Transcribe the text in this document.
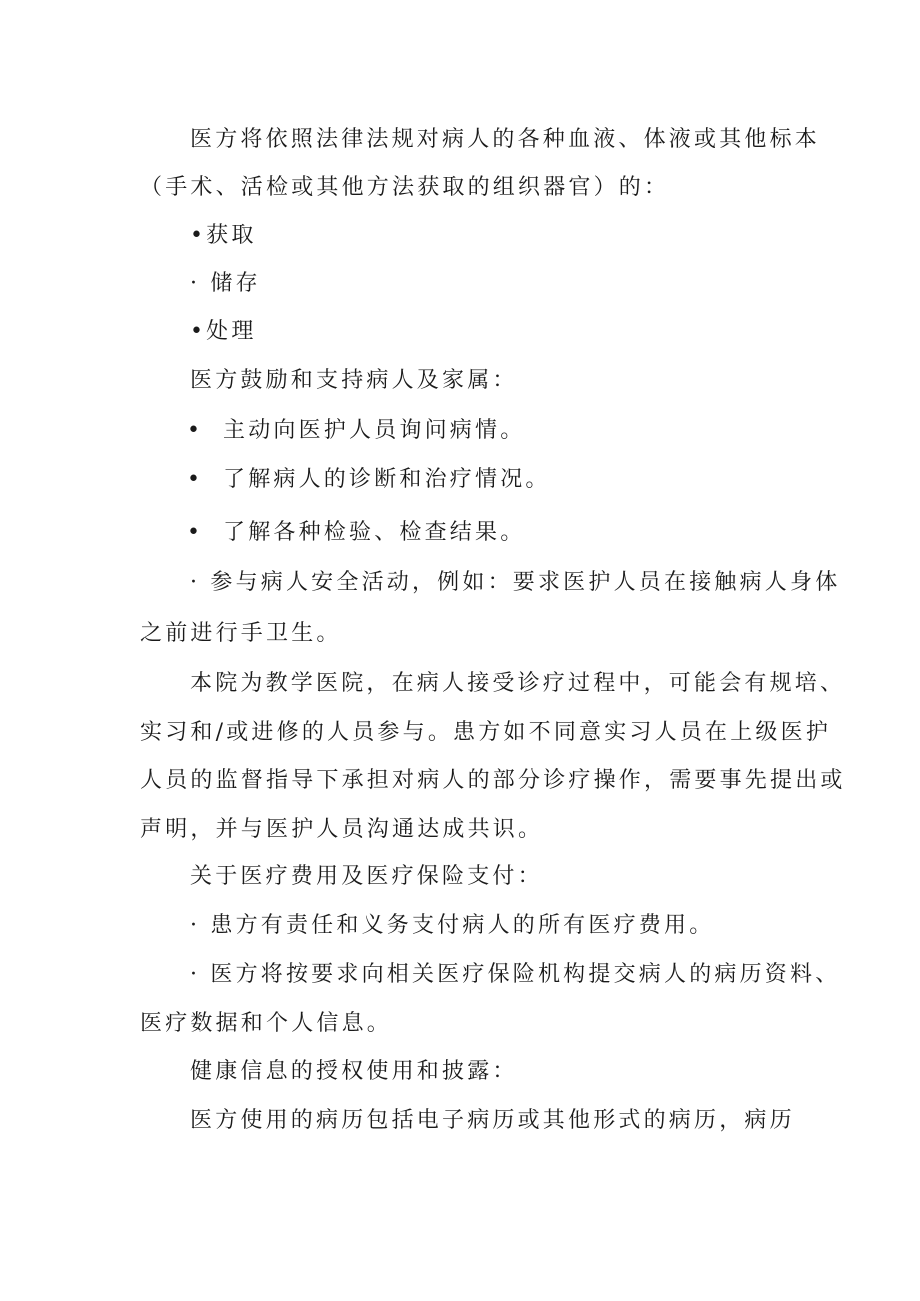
医方将依照法律法规对病人的各种血液、体液或其他标本
（手术、活检或其他方法获取的组织器官）的：
•获取
· 储存
•处理
医方鼓励和支持病人及家属：
• 主动向医护人员询问病情。
• 了解病人的诊断和治疗情况。
• 了解各种检验、检查结果。
· 参与病人安全活动，例如：要求医护人员在接触病人身体
之前进行手卫生。
本院为教学医院，在病人接受诊疗过程中，可能会有规培、
实习和/或进修的人员参与。患方如不同意实习人员在上级医护
人员的监督指导下承担对病人的部分诊疗操作，需要事先提出或
声明，并与医护人员沟通达成共识。
关于医疗费用及医疗保险支付：
· 患方有责任和义务支付病人的所有医疗费用。
· 医方将按要求向相关医疗保险机构提交病人的病历资料、
医疗数据和个人信息。
健康信息的授权使用和披露：
医方使用的病历包括电子病历或其他形式的病历，病历
